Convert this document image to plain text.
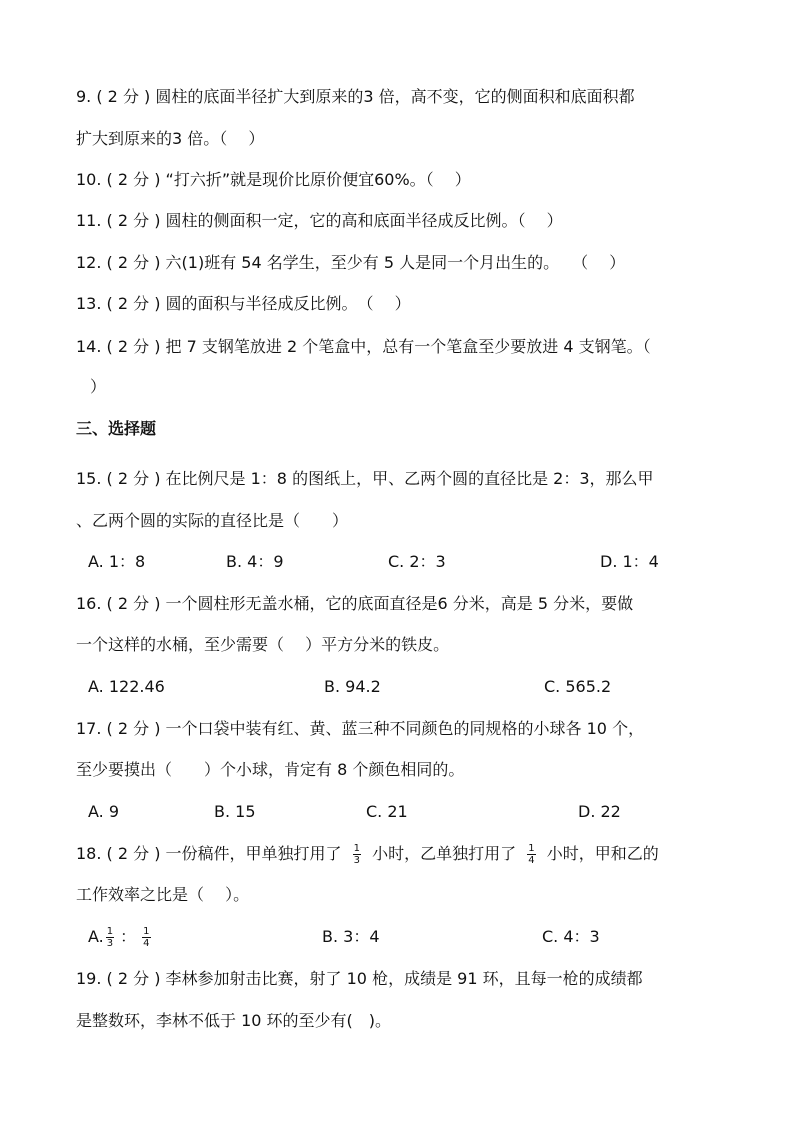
9. ( 2 分 ) 圆柱的底面半径扩大到原来的3 倍，高不变，它的侧面积和底面积都
扩大到原来的3 倍。（　 ）
10. ( 2 分 ) “打六折”就是现价比原价便宜60%。（　 ）
11. ( 2 分 ) 圆柱的侧面积一定，它的高和底面半径成反比例。（　 ）
12. ( 2 分 ) 六(1)班有 54 名学生，至少有 5 人是同一个月出生的。　 （　 ）
13. ( 2 分 ) 圆的面积与半径成反比例。　（　 ）
14. ( 2 分 ) 把 7 支钢笔放进 2 个笔盒中，总有一个笔盒至少要放进 4 支钢笔。（
）
三、选择题
15. ( 2 分 ) 在比例尺是 1：8 的图纸上，甲、乙两个圆的直径比是 2：3，那么甲
、乙两个圆的实际的直径比是（　　）
A. 1：8	B. 4：9	C. 2：3	D. 1：4
16. ( 2 分 ) 一个圆柱形无盖水桶，它的底面直径是6 分米，高是 5 分米，要做
一个这样的水桶，至少需要（　 ）平方分米的铁皮。
A. 122.46	B. 94.2	C. 565.2
17. ( 2 分 ) 一个口袋中装有红、黄、蓝三种不同颜色的同规格的小球各 10 个，
至少要摸出（　　）个小球，肯定有 8 个颜色相同的。
A. 9	B. 15	C. 21	D. 22
18. ( 2 分 ) 一份稿件，甲单独打用了 $\frac{1}{3}$ 小时，乙单独打用了 $\frac{1}{4}$ 小时，甲和乙的
工作效率之比是（　 ）。
A. $\frac{1}{3}$ ： $\frac{1}{4}$	B. 3：4	C. 4：3
19. ( 2 分 ) 李林参加射击比赛，射了 10 枪，成绩是 91 环，且每一枪的成绩都
是整数环，李林不低于 10 环的至少有(　)。
